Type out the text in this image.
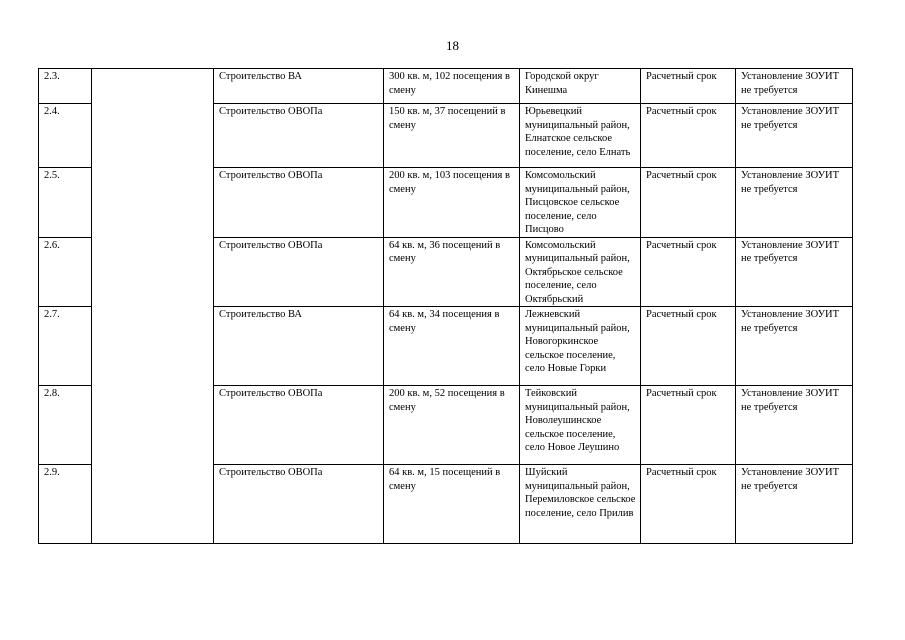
18
2.3.		Строительство ВА	300 кв. м, 102 посещения в смену	Городской округ Кинешма	Расчетный срок	Установление ЗОУИТ не требуется
2.4.		Строительство ОВОПа	150 кв. м, 37 посещений в смену	Юрьевецкий муниципальный район, Елнатское сельское поселение, село Елнать	Расчетный срок	Установление ЗОУИТ не требуется
2.5.		Строительство ОВОПа	200 кв. м, 103 посещения в смену	Комсомольский муниципальный район, Писцовское сельское поселение, село Писцово	Расчетный срок	Установление ЗОУИТ не требуется
2.6.		Строительство ОВОПа	64 кв. м, 36 посещений в смену	Комсомольский муниципальный район, Октябрьское сельское поселение, село Октябрьский	Расчетный срок	Установление ЗОУИТ не требуется
2.7.		Строительство ВА	64 кв. м, 34 посещения в смену	Лежневский муниципальный район, Новогоркинское сельское поселение, село Новые Горки	Расчетный срок	Установление ЗОУИТ не требуется
2.8.		Строительство ОВОПа	200 кв. м, 52 посещения в смену	Тейковский муниципальный район, Новолеушинское сельское поселение, село Новое Леушино	Расчетный срок	Установление ЗОУИТ не требуется
2.9.		Строительство ОВОПа	64 кв. м, 15 посещений в смену	Шуйский муниципальный район, Перемиловское сельское поселение, село Прилив	Расчетный срок	Установление ЗОУИТ не требуется
